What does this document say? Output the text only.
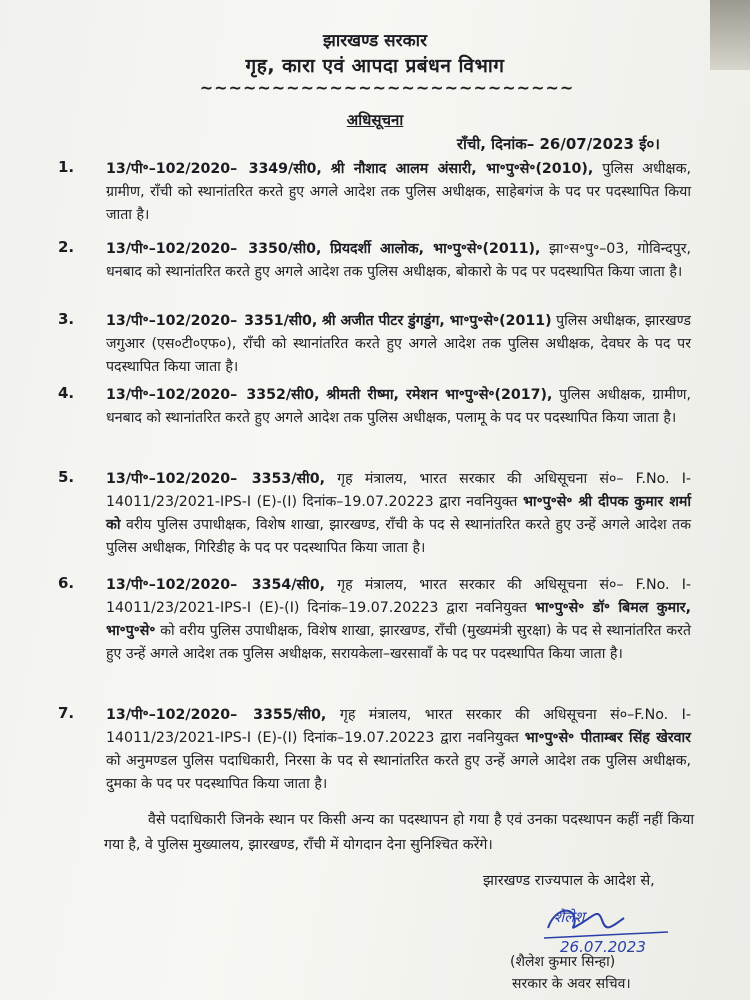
झारखण्ड सरकार
गृह, कारा एवं आपदा प्रबंधन विभाग
~~~~~~~~~~~~~~~~~~~~~~~~~~
अधिसूचना
राँची, दिनांक– 26/07/2023 ई०।
1. 13/पी॰–102/2020– 3349/सी0, श्री नौशाद आलम अंसारी, भा॰पु॰से॰(2010), पुलिस अधीक्षक, ग्रामीण, राँची को स्थानांतरित करते हुए अगले आदेश तक पुलिस अधीक्षक, साहेबगंज के पद पर पदस्थापित किया जाता है।
2. 13/पी॰–102/2020– 3350/सी0, प्रियदर्शी आलोक, भा॰पु॰से॰(2011), झा॰स॰पु॰–03, गोविन्दपुर, धनबाद को स्थानांतरित करते हुए अगले आदेश तक पुलिस अधीक्षक, बोकारो के पद पर पदस्थापित किया जाता है।
3. 13/पी॰–102/2020– 3351/सी0, श्री अजीत पीटर डुंगडुंग, भा॰पु॰से॰(2011) पुलिस अधीक्षक, झारखण्ड जगुआर (एस०टी०एफ०), राँची को स्थानांतरित करते हुए अगले आदेश तक पुलिस अधीक्षक, देवघर के पद पर पदस्थापित किया जाता है।
4. 13/पी॰–102/2020– 3352/सी0, श्रीमती रीष्मा, रमेशन भा॰पु॰से॰(2017), पुलिस अधीक्षक, ग्रामीण, धनबाद को स्थानांतरित करते हुए अगले आदेश तक पुलिस अधीक्षक, पलामू के पद पर पदस्थापित किया जाता है।
5. 13/पी॰–102/2020– 3353/सी0, गृह मंत्रालय, भारत सरकार की अधिसूचना सं०– F.No. I-14011/23/2021-IPS-I (E)-(I) दिनांक–19.07.20223 द्वारा नवनियुक्त भा॰पु॰से॰ श्री दीपक कुमार शर्मा को वरीय पुलिस उपाधीक्षक, विशेष शाखा, झारखण्ड, राँची के पद से स्थानांतरित करते हुए उन्हें अगले आदेश तक पुलिस अधीक्षक, गिरिडीह के पद पर पदस्थापित किया जाता है।
6. 13/पी॰–102/2020– 3354/सी0, गृह मंत्रालय, भारत सरकार की अधिसूचना सं०– F.No. I-14011/23/2021-IPS-I (E)-(I) दिनांक–19.07.20223 द्वारा नवनियुक्त भा॰पु॰से॰ डॉ॰ बिमल कुमार, भा॰पु॰से॰ को वरीय पुलिस उपाधीक्षक, विशेष शाखा, झारखण्ड, राँची (मुख्यमंत्री सुरक्षा) के पद से स्थानांतरित करते हुए उन्हें अगले आदेश तक पुलिस अधीक्षक, सरायकेला–खरसावाँ के पद पर पदस्थापित किया जाता है।
7. 13/पी॰–102/2020– 3355/सी0, गृह मंत्रालय, भारत सरकार की अधिसूचना सं०–F.No. I-14011/23/2021-IPS-I (E)-(I) दिनांक–19.07.20223 द्वारा नवनियुक्त भा॰पु॰से॰ पीताम्बर सिंह खेरवार को अनुमण्डल पुलिस पदाधिकारी, निरसा के पद से स्थानांतरित करते हुए उन्हें अगले आदेश तक पुलिस अधीक्षक, दुमका के पद पर पदस्थापित किया जाता है।
वैसे पदाधिकारी जिनके स्थान पर किसी अन्य का पदस्थापन हो गया है एवं उनका पदस्थापन कहीं नहीं किया गया है, वे पुलिस मुख्यालय, झारखण्ड, राँची में योगदान देना सुनिश्चित करेंगे।
झारखण्ड राज्यपाल के आदेश से,
शैलेश
26.07.2023
(शैलेश कुमार सिन्हा)
सरकार के अवर सचिव।
